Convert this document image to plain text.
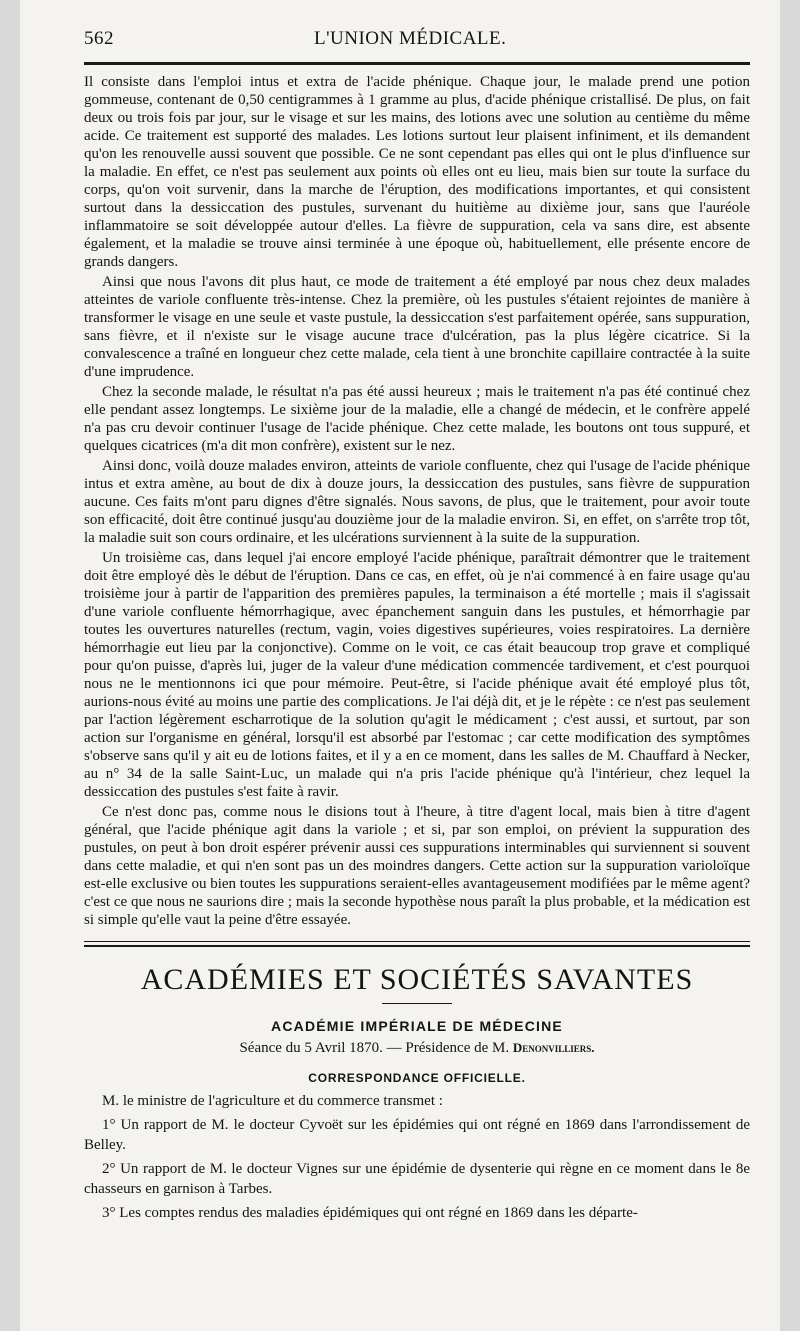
562	L'UNION MÉDICALE.

Il consiste dans l'emploi intus et extra de l'acide phénique. Chaque jour, le malade prend une potion gommeuse, contenant de 0,50 centigrammes à 1 gramme au plus, d'acide phénique cristallisé. De plus, on fait deux ou trois fois par jour, sur le visage et sur les mains, des lotions avec une solution au centième du même acide. Ce traitement est supporté des malades. Les lotions surtout leur plaisent infiniment, et ils demandent qu'on les renouvelle aussi souvent que possible. Ce ne sont cependant pas elles qui ont le plus d'influence sur la maladie. En effet, ce n'est pas seulement aux points où elles ont eu lieu, mais bien sur toute la surface du corps, qu'on voit survenir, dans la marche de l'éruption, des modifications importantes, et qui consistent surtout dans la dessiccation des pustules, survenant du huitième au dixième jour, sans que l'auréole inflammatoire se soit développée autour d'elles. La fièvre de suppuration, cela va sans dire, est absente également, et la maladie se trouve ainsi terminée à une époque où, habituellement, elle présente encore de grands dangers.

Ainsi que nous l'avons dit plus haut, ce mode de traitement a été employé par nous chez deux malades atteintes de variole confluente très-intense. Chez la première, où les pustules s'étaient rejointes de manière à transformer le visage en une seule et vaste pustule, la dessiccation s'est parfaitement opérée, sans suppuration, sans fièvre, et il n'existe sur le visage aucune trace d'ulcération, pas la plus légère cicatrice. Si la convalescence a traîné en longueur chez cette malade, cela tient à une bronchite capillaire contractée à la suite d'une imprudence.

Chez la seconde malade, le résultat n'a pas été aussi heureux ; mais le traitement n'a pas été continué chez elle pendant assez longtemps. Le sixième jour de la maladie, elle a changé de médecin, et le confrère appelé n'a pas cru devoir continuer l'usage de l'acide phénique. Chez cette malade, les boutons ont tous suppuré, et quelques cicatrices (m'a dit mon confrère), existent sur le nez.

Ainsi donc, voilà douze malades environ, atteints de variole confluente, chez qui l'usage de l'acide phénique intus et extra amène, au bout de dix à douze jours, la dessiccation des pustules, sans fièvre de suppuration aucune. Ces faits m'ont paru dignes d'être signalés. Nous savons, de plus, que le traitement, pour avoir toute son efficacité, doit être continué jusqu'au douzième jour de la maladie environ. Si, en effet, on s'arrête trop tôt, la maladie suit son cours ordinaire, et les ulcérations surviennent à la suite de la suppuration.

Un troisième cas, dans lequel j'ai encore employé l'acide phénique, paraîtrait démontrer que le traitement doit être employé dès le début de l'éruption. Dans ce cas, en effet, où je n'ai commencé à en faire usage qu'au troisième jour à partir de l'apparition des premières papules, la terminaison a été mortelle ; mais il s'agissait d'une variole confluente hémorrhagique, avec épanchement sanguin dans les pustules, et hémorrhagie par toutes les ouvertures naturelles (rectum, vagin, voies digestives supérieures, voies respiratoires. La dernière hémorrhagie eut lieu par la conjonctive). Comme on le voit, ce cas était beaucoup trop grave et compliqué pour qu'on puisse, d'après lui, juger de la valeur d'une médication commencée tardivement, et c'est pourquoi nous ne le mentionnons ici que pour mémoire. Peut-être, si l'acide phénique avait été employé plus tôt, aurions-nous évité au moins une partie des complications. Je l'ai déjà dit, et je le répète : ce n'est pas seulement par l'action légèrement escharrotique de la solution qu'agit le médicament ; c'est aussi, et surtout, par son action sur l'organisme en général, lorsqu'il est absorbé par l'estomac ; car cette modification des symptômes s'observe sans qu'il y ait eu de lotions faites, et il y a en ce moment, dans les salles de M. Chauffard à Necker, au n° 34 de la salle Saint-Luc, un malade qui n'a pris l'acide phénique qu'à l'intérieur, chez lequel la dessiccation des pustules s'est faite à ravir.

Ce n'est donc pas, comme nous le disions tout à l'heure, à titre d'agent local, mais bien à titre d'agent général, que l'acide phénique agit dans la variole ; et si, par son emploi, on prévient la suppuration des pustules, on peut à bon droit espérer prévenir aussi ces suppurations interminables qui surviennent si souvent dans cette maladie, et qui n'en sont pas un des moindres dangers. Cette action sur la suppuration varioloïque est-elle exclusive ou bien toutes les suppurations seraient-elles avantageusement modifiées par le même agent? c'est ce que nous ne saurions dire ; mais la seconde hypothèse nous paraît la plus probable, et la médication est si simple qu'elle vaut la peine d'être essayée.

ACADÉMIES ET SOCIÉTÉS SAVANTES
ACADÉMIE IMPÉRIALE DE MÉDECINE
Séance du 5 Avril 1870. — Présidence de M. Denonvilliers.
CORRESPONDANCE OFFICIELLE.

M. le ministre de l'agriculture et du commerce transmet :

1° Un rapport de M. le docteur Cyvoët sur les épidémies qui ont régné en 1869 dans l'arrondissement de Belley.

2° Un rapport de M. le docteur Vignes sur une épidémie de dysenterie qui règne en ce moment dans le 8e chasseurs en garnison à Tarbes.

3° Les comptes rendus des maladies épidémiques qui ont régné en 1869 dans les départe-
